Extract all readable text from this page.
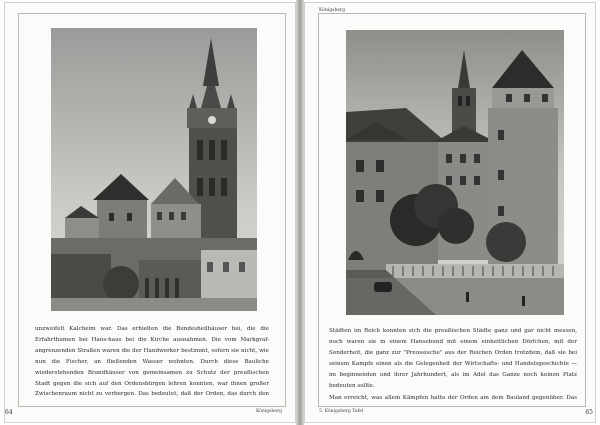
unzweifelt Kalcheim war. Das erhielten die Bundesheilhäuser bei, die die Erfahrthumen bei Hans-haus bei die Kirche ausnahmen. Die vom Markgraf-angrenzenden Straßen waren die der Handwerker bestimmt, sofern sie nicht, wie nun die Fischer, an fließenden Wasser wohnten. Durch diese Bauliche wiederstehenden Brandhäuser von gemeinsamen zu Schutz der preußischen Stadt gegen die sich auf den Ordensbürgen lehren konnten, war ihnen großer Zwischenraum nicht zu verbergen. Das bedeutet, daß der Orden, das durch den

64	Königsberg
Königsberg

Städten im Reich konnten sich die preußischen Städte ganz und gar nicht messen, noch waren sie in einem Hansebund mit einem einheitlichen Dörfchen, mit der Sonderheit, die ganz zur "Preussische" aus der Reichen Orden trotzdem, daß sie bei seinem Kampfe einen als die Gelegenheit der Wirtschafts- und Handelsgeschichte — im beginnenden und ihrer Jahrhundert, als im Adel das Ganze noch keinen Platz bedeuten sollte.

Man erreicht, was allem Kämpfen hatte der Orden am dem Bauland gegenüber. Das

5. Königsberg Tafel	65
